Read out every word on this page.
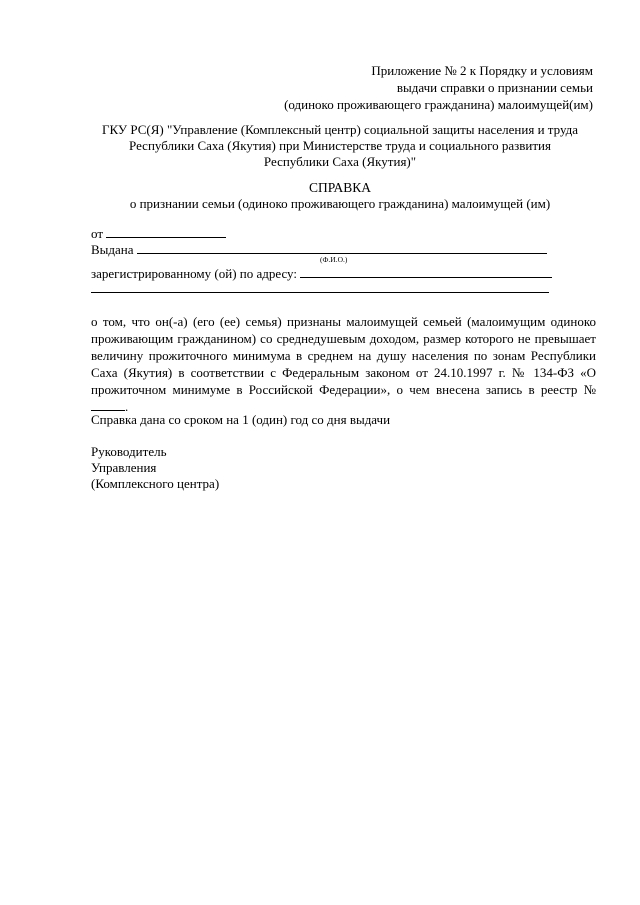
Приложение № 2 к Порядку и условиям
выдачи справки о признании семьи
(одиноко проживающего гражданина) малоимущей(им)
ГКУ РС(Я) "Управление (Комплексный центр) социальной защиты населения и труда
Республики Саха (Якутия) при Министерстве труда и социального развития
Республики Саха (Якутия)"
СПРАВКА
о признании семьи (одиноко проживающего гражданина) малоимущей (им)
от
Выдана
(Ф.И.О.)
зарегистрированному (ой) по адресу:
о том, что он(-а) (его (ее) семья) признаны малоимущей семьей (малоимущим одиноко проживающим гражданином) со среднедушевым доходом, размер которого не превышает величину прожиточного минимума в среднем на душу населения по зонам Республики Саха (Якутия) в соответствии с Федеральным законом от 24.10.1997 г. № 134-ФЗ «О прожиточном минимуме в Российской Федерации», о чем внесена запись в реестр № .
Справка дана со сроком на 1 (один) год со дня выдачи
Руководитель
Управления
(Комплексного центра)
